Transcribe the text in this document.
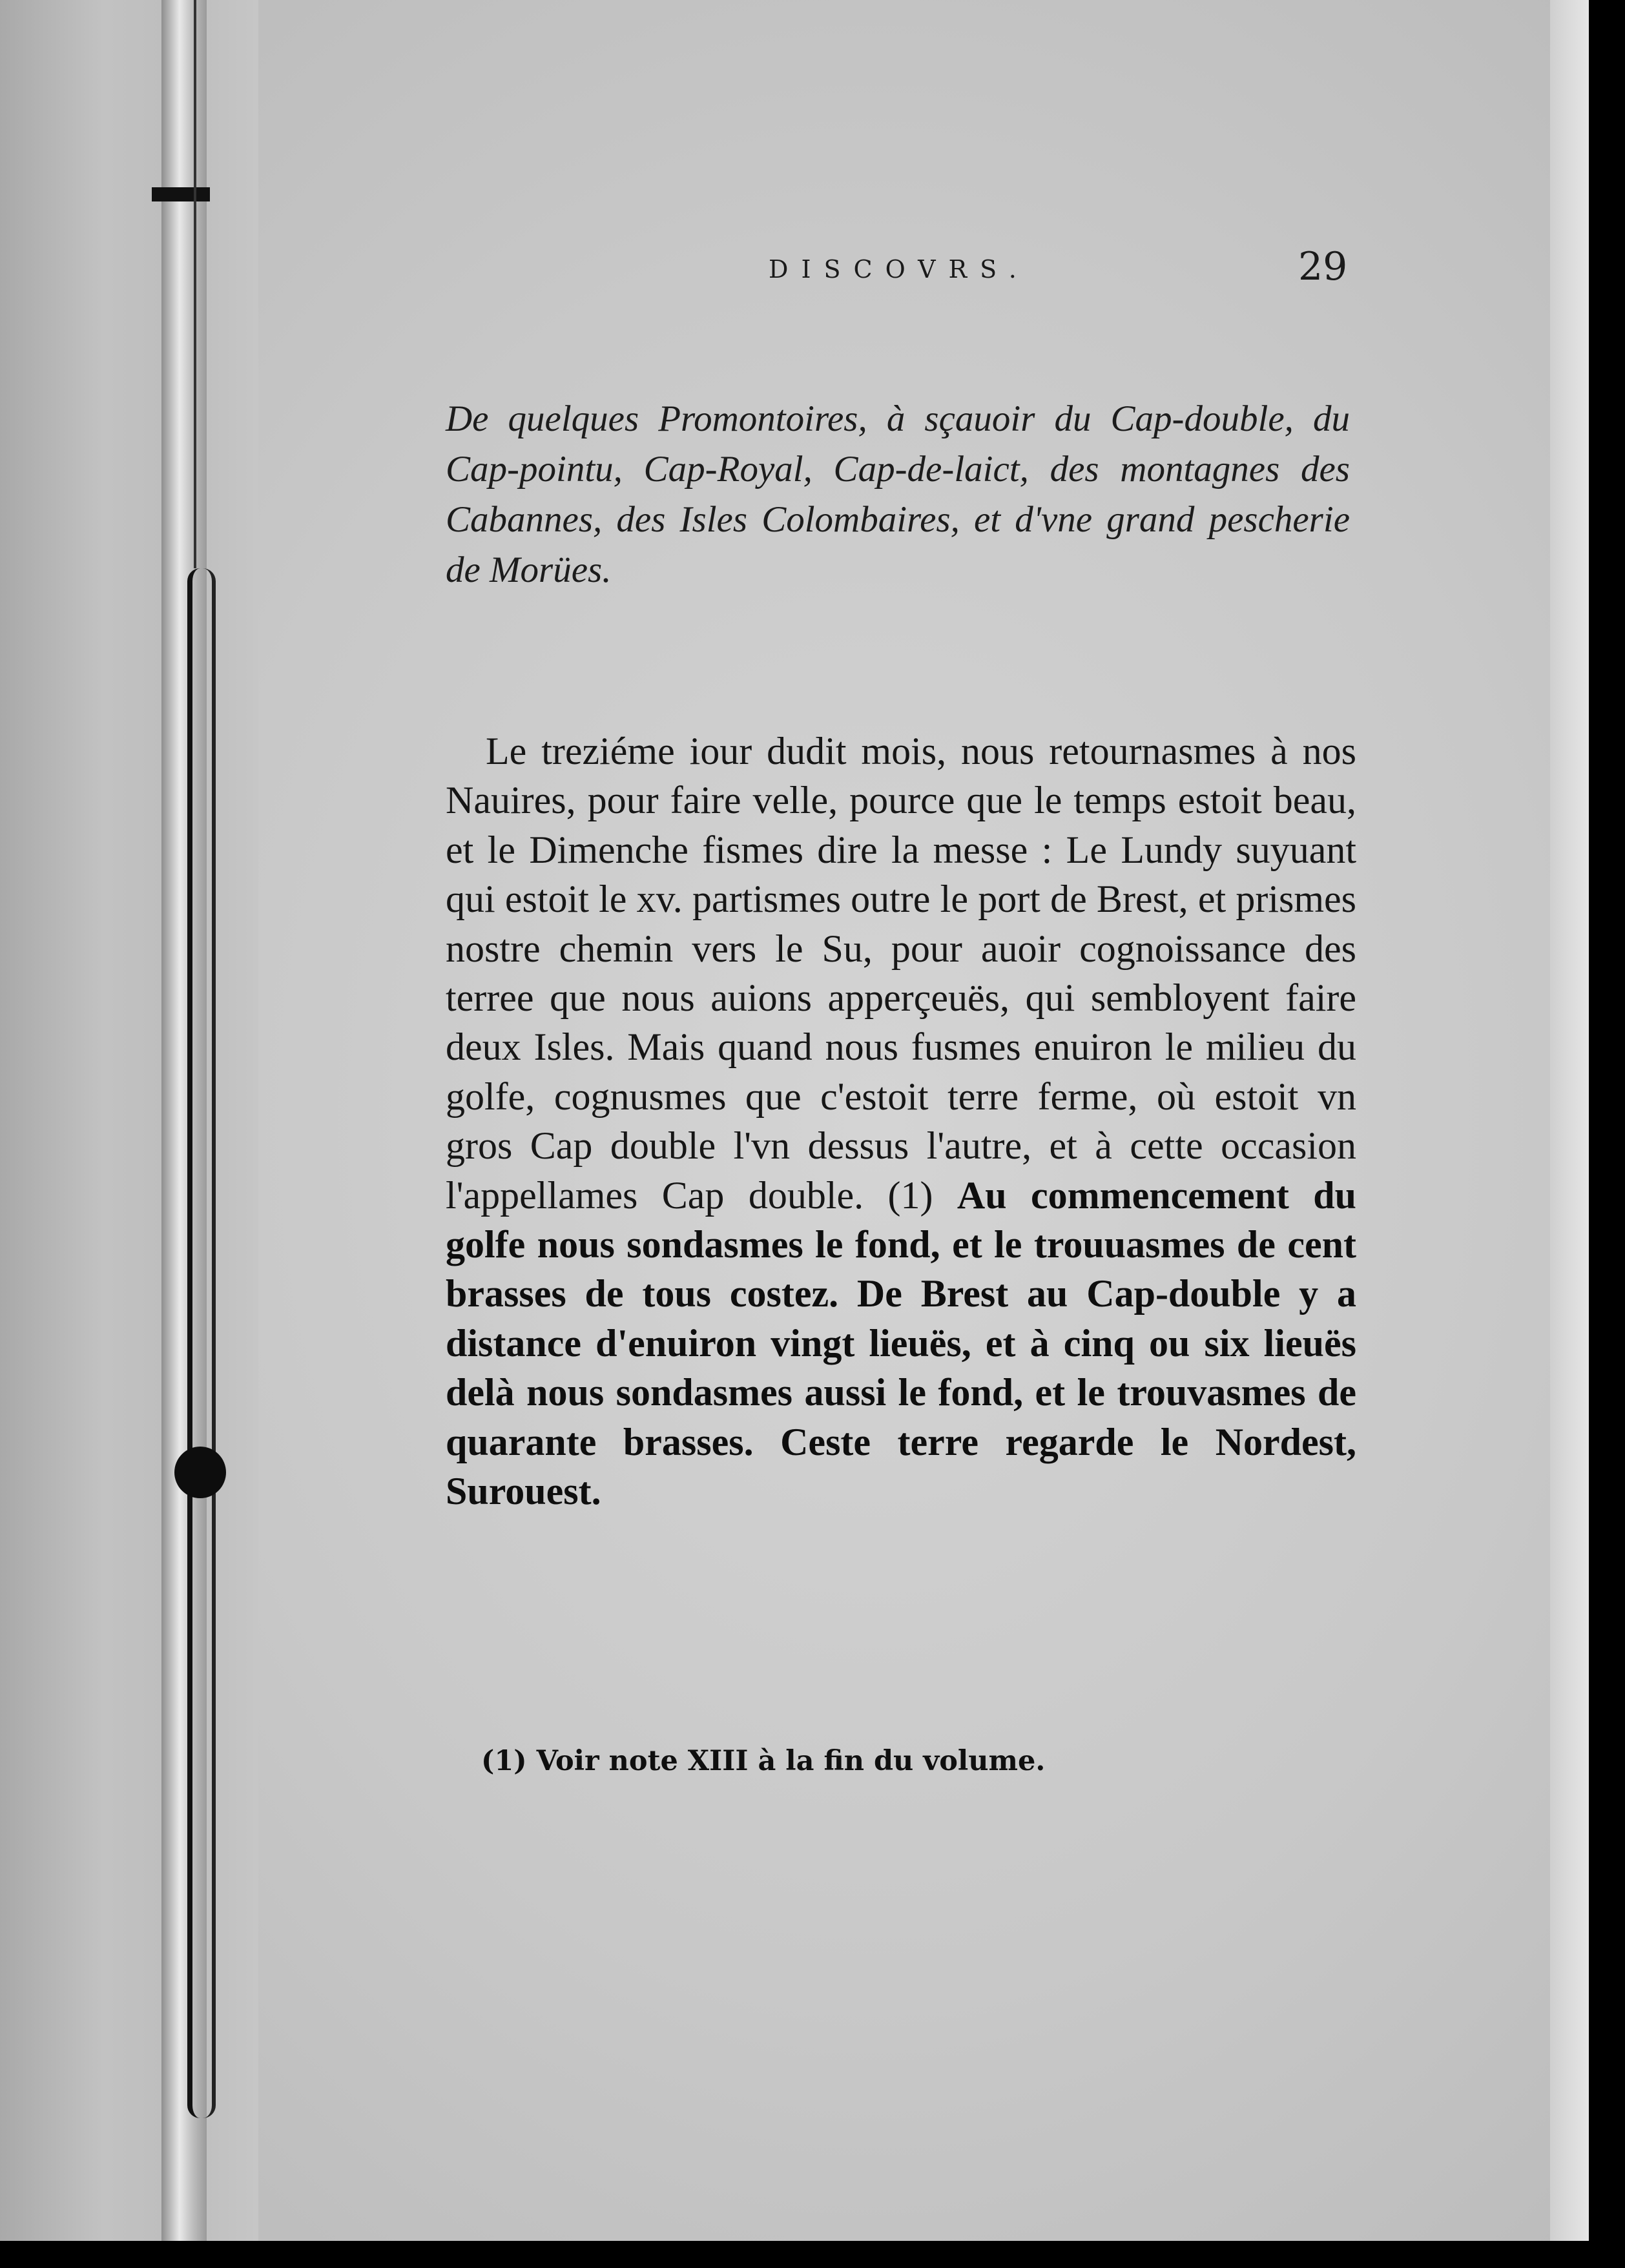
DISCOVRS.	29
De quelques Promontoires, à sçauoir du Cap-double, du Cap-pointu, Cap-Royal, Cap-de-laict, des montagnes des Cabannes, des Isles Colombaires, et d'vne grand pescherie de Morües.
Le treziéme iour dudit mois, nous retournasmes à nos Nauires, pour faire velle, pource que le temps estoit beau, et le Dimenche fismes dire la messe : Le Lundy suyuant qui estoit le xv. partismes outre le port de Brest, et prismes nostre chemin vers le Su, pour auoir cognoissance des terree que nous auions apperçeuës, qui sembloyent faire deux Isles. Mais quand nous fusmes enuiron le milieu du golfe, cognusmes que c'estoit terre ferme, où estoit vn gros Cap double l'vn dessus l'autre, et à cette occasion l'appellames Cap double. (1) Au commencement du golfe nous sondasmes le fond, et le trouuasmes de cent brasses de tous costez. De Brest au Cap-double y a distance d'enuiron vingt lieuës, et à cinq ou six lieuës delà nous sondasmes aussi le fond, et le trouvasmes de quarante brasses. Ceste terre regarde le Nordest, Surouest.
(1) Voir note XIII à la fin du volume.
